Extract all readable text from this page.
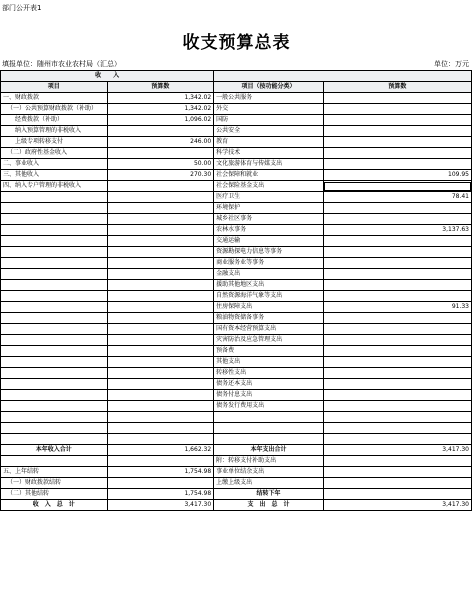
部门公开表1
收支预算总表
填报单位：随州市农业农村局（汇总）	单位：万元
收　　入			
项目	预算数	项目（按功能分类）	预算数
一、财政拨款	1,342.02	一般公共服务	
（一）公共预算财政拨款（补助）	1,342.02	外交	
经费拨款（补助）	1,096.02	国防	
纳入预算管理的非税收入		公共安全	
上级专项转移支付	246.00	教育	
（二）政府性基金收入		科学技术	
二、事业收入	50.00	文化旅游体育与传媒支出	
三、其他收入	270.30	社会保障和就业	109.95
四、纳入专户管理的非税收入		社会保险基金支出	
		医疗卫生	78.41
		环境保护	
		城乡社区事务	
		农林水事务	3,137.63
		交通运输	
		资源勘探电力信息等事务	
		商业服务业等事务	
		金融支出	
		援助其他地区支出	
		自然资源海洋气象等支出	
		住房保障支出	91.33
		粮油物资储备事务	
		国有资本经营预算支出	
		灾害防治及应急管理支出	
		预备费	
		其他支出	
		转移性支出	
		债务还本支出	
		债务付息支出	
		债务发行费用支出	

本年收入合计	1,662.32	本年支出合计	3,417.30
		附：转移支付补助支出	
五、上年结转	1,754.98	事业单位结余支出	
（一）财政拨款结转		上缴上级支出	
（二）其他结转	1,754.98	结转下年	
收　入　总　计	3,417.30	支　出　总　计	3,417.30
